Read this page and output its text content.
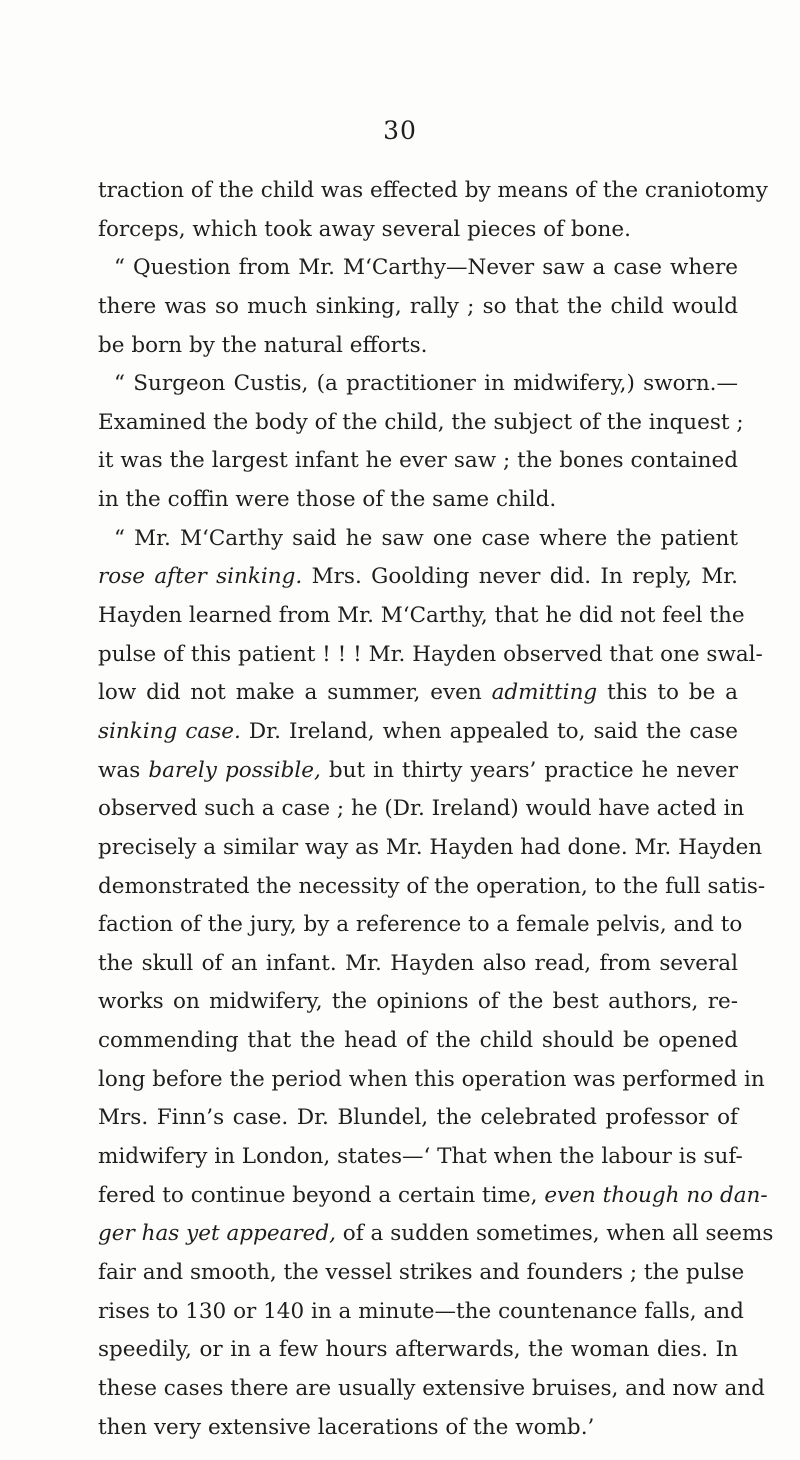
30
traction of the child was effected by means of the craniotomy
forceps, which took away several pieces of bone.
“ Question from Mr. M‘Carthy—Never saw a case where
there was so much sinking, rally ; so that the child would
be born by the natural efforts.
“ Surgeon Custis, (a practitioner in midwifery,) sworn.—
Examined the body of the child, the subject of the inquest ;
it was the largest infant he ever saw ; the bones contained
in the coffin were those of the same child.
“ Mr. M‘Carthy said he saw one case where the patient
rose after sinking. Mrs. Goolding never did. In reply, Mr.
Hayden learned from Mr. M‘Carthy, that he did not feel the
pulse of this patient ! ! ! Mr. Hayden observed that one swal-
low did not make a summer, even admitting this to be a
sinking case. Dr. Ireland, when appealed to, said the case
was barely possible, but in thirty years’ practice he never
observed such a case ; he (Dr. Ireland) would have acted in
precisely a similar way as Mr. Hayden had done. Mr. Hayden
demonstrated the necessity of the operation, to the full satis-
faction of the jury, by a reference to a female pelvis, and to
the skull of an infant. Mr. Hayden also read, from several
works on midwifery, the opinions of the best authors, re-
commending that the head of the child should be opened
long before the period when this operation was performed in
Mrs. Finn’s case. Dr. Blundel, the celebrated professor of
midwifery in London, states—‘ That when the labour is suf-
fered to continue beyond a certain time, even though no dan-
ger has yet appeared, of a sudden sometimes, when all seems
fair and smooth, the vessel strikes and founders ; the pulse
rises to 130 or 140 in a minute—the countenance falls, and
speedily, or in a few hours afterwards, the woman dies. In
these cases there are usually extensive bruises, and now and
then very extensive lacerations of the womb.’
